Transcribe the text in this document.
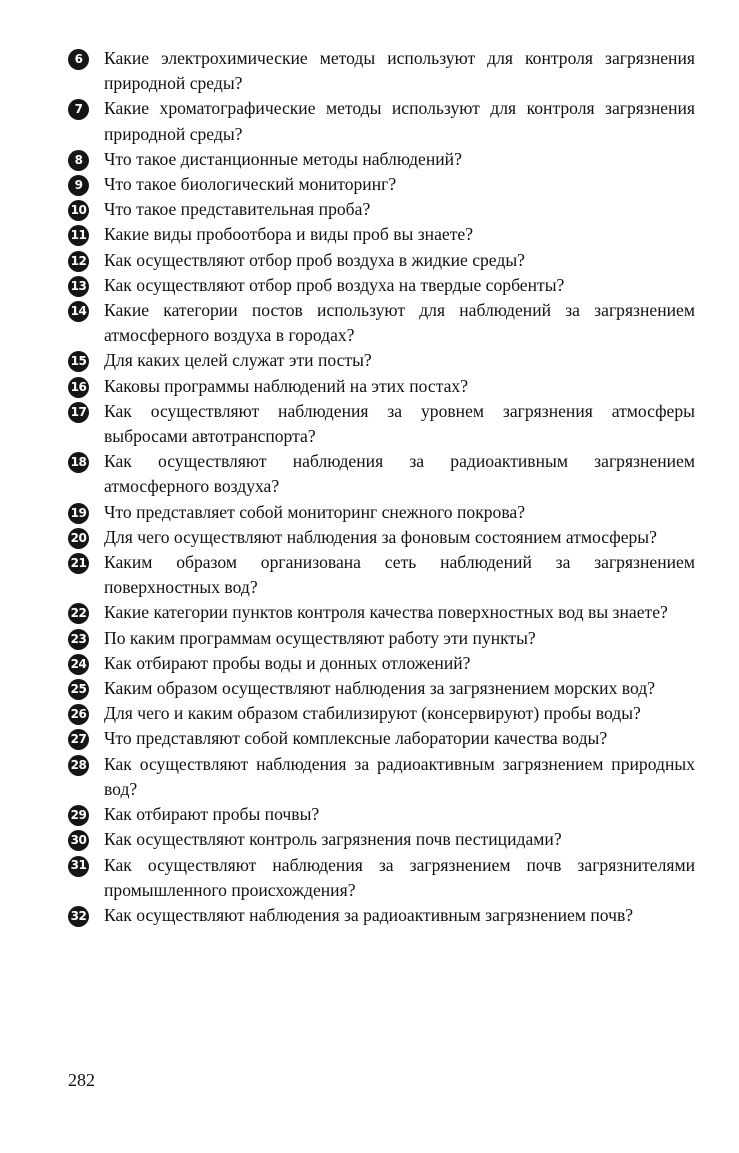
6	Какие электрохимические методы используют для контроля загрязнения природной среды?
7	Какие хроматографические методы используют для контроля загрязнения природной среды?
8	Что такое дистанционные методы наблюдений?
9	Что такое биологический мониторинг?
10 Что такое представительная проба?
11 Какие виды пробоотбора и виды проб вы знаете?
12 Как осуществляют отбор проб воздуха в жидкие среды?
13 Как осуществляют отбор проб воздуха на твердые сорбенты?
14 Какие категории постов используют для наблюдений за загрязнением атмосферного воздуха в городах?
15 Для каких целей служат эти посты?
16 Каковы программы наблюдений на этих постах?
17 Как осуществляют наблюдения за уровнем загрязнения атмосферы выбросами автотранспорта?
18 Как осуществляют наблюдения за радиоактивным загрязнением атмосферного воздуха?
19 Что представляет собой мониторинг снежного покрова?
20 Для чего осуществляют наблюдения за фоновым состоянием атмосферы?
21 Каким образом организована сеть наблюдений за загрязнением поверхностных вод?
22 Какие категории пунктов контроля качества поверхностных вод вы знаете?
23 По каким программам осуществляют работу эти пункты?
24 Как отбирают пробы воды и донных отложений?
25 Каким образом осуществляют наблюдения за загрязнением морских вод?
26 Для чего и каким образом стабилизируют (консервируют) пробы воды?
27 Что представляют собой комплексные лаборатории качества воды?
28 Как осуществляют наблюдения за радиоактивным загрязнением природных вод?
29 Как отбирают пробы почвы?
30 Как осуществляют контроль загрязнения почв пестицидами?
31 Как осуществляют наблюдения за загрязнением почв загрязнителями промышленного происхождения?
32 Как осуществляют наблюдения за радиоактивным загрязнением почв?
282
